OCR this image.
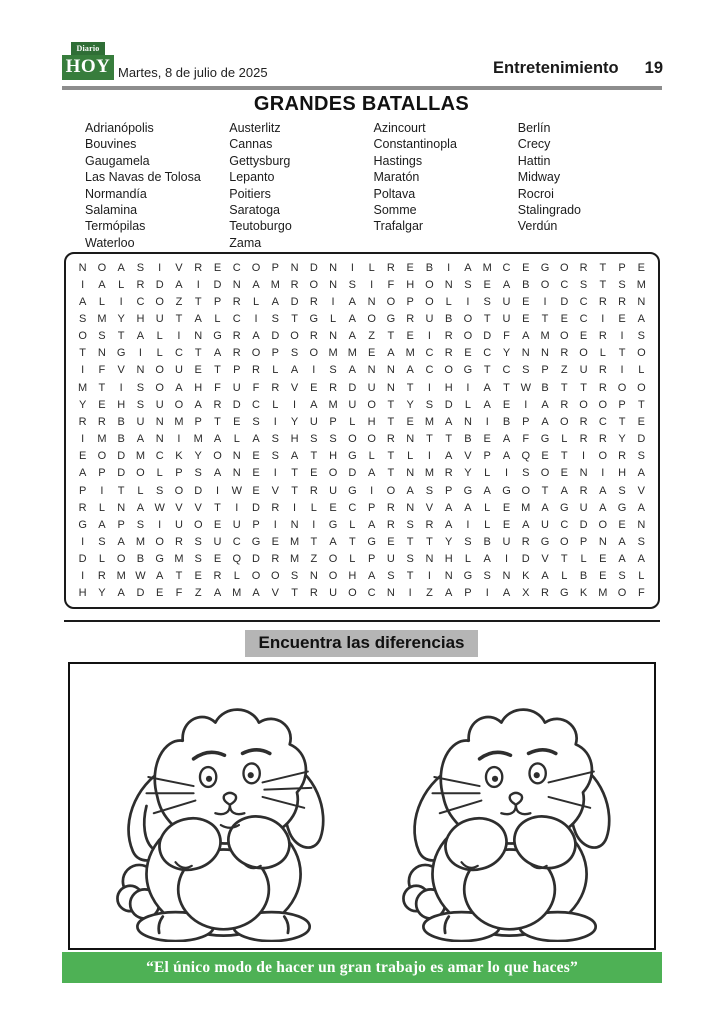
Diario
HOY Martes, 8 de julio de 2025	Entretenimiento 19
GRANDES BATALLAS
Adrianópolis
Bouvines
Gaugamela
Las Navas de Tolosa
Normandía
Salamina
Termópilas
Waterloo
Austerlitz
Cannas
Gettysburg
Lepanto
Poitiers
Saratoga
Teutoburgo
Zama
Azincourt
Constantinopla
Hastings
Maratón
Poltava
Somme
Trafalgar
Berlín
Crecy
Hattin
Midway
Rocroi
Stalingrado
Verdún
N	O	A	S	I	V	R	E	C	O	P	N	D	N	I	L	R	E	B	I	A	M C	E	G O	R	T	P	E
I	A	L	R	D	A	I	D	N	A	M R	O	N	S	I	F	H	O	N	S	E	A	B	O	C	S	T	S	M
A	L	I	C	O	Z	T	P	R	L	A	D	R	I	A	N	O	P	O	L	I	S	U	E	I	D	C	R	R	N
S	M	Y	H	U	T	A	L	C	I	S	T	G	L	A	O G	R	U	B	O	T	U	E	T	E	C	I	E	A
O	S	T	A	L	I	N	G	R	A	D	O	R	N	A	Z	T	E	I	R	O	D	F	A	M O	E	R	I	S
T	N	G	I	L	C	T	A	R	O	P	S	O M M	E	A	M C	R	E	C	Y	N	N	R	O	L	T	O
I	F	V	N	O	U	E	T	P	R	L	A	I	S	A	N	N	A	C	O G	T	C	S	P	Z	U	R	I	L
M	T	I	S	O	A	H	F	U	F	R	V	E	R	D	U	N	T	I	H	I	A	T W B	T	T	R	O O
Y	E	H	S	U	O	A	R	D	C	L	I	A	M U	O	T	Y	S	D	L	A	E	I	A	R	O O	P	T
R	R	B	U	N M	P	T	E	S	I	Y	U	P	L	H	T	E	M	A	N	I	B	P	A	O	R	C	T	E
I	M	B	A	N	I	M	A	L	A	S	H	S	S	O O	R	N	T	T	B	E	A	F	G	L	R	R	Y	D
E	O	D M C	K	Y	O	N	E	S	A	T	H	G	L	T	L	I	A	V	P	A	Q	E	T	I	O	R	S
A	P	D	O	L	P	S	A	N	E	I	T	E	O	D	A	T	N M R	Y	L	I	S	O	E	N	I	H	A
P	I	T	L	S	O	D	I	W E	V	T	R	U	G	I	O	A	S	P	G	A	G O	T	A	R	A	S	V
R	L	N	A W V	V	T	I	D	R	I	L	E	C	P	R	N	V	A	A	L	E	M	A	G	U	A	G	A
G	A	P	S	I	U	O	E	U	P	I	N	I	G	L	A	R	S	R	A	I	L	E	A	U	C	D	O	E	N
I	S	A	M O	R	S	U	C	G	E	M	T	A	T	G	E	T	T	Y	S	B	U	R	G O	P	N	A	S
D	L	O	B	G M	S	E	Q	D	R M	Z	O	L	P	U	S	N	H	L	A	I	D	V	T	L	E	A	A
I	R M W A	T	E	R	L	O O	S	N	O	H	A	S	T	I	N	G	S	N	K	A	L	B	E	S	L
H	Y	A	D	E	F	Z	A	M	A	V	T	R	U	O	C	N	I	Z	A	P	I	A	X	R	G	K	M O	F
Encuentra las diferencias
“El único modo de hacer un gran trabajo es amar lo que haces”
